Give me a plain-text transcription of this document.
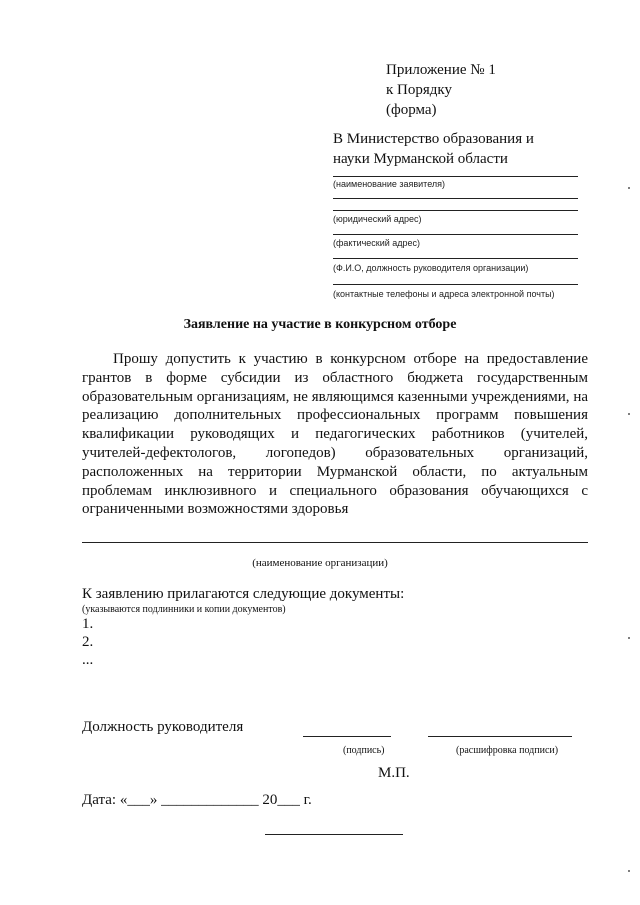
Приложение № 1
к Порядку
(форма)
В Министерство образования и
науки Мурманской области
(наименование заявителя)
(юридический адрес)
(фактический адрес)
(Ф.И.О, должность руководителя организации)
(контактные телефоны и адреса электронной почты)
Заявление на участие в конкурсном отборе
Прошу допустить к участию в конкурсном отборе на предоставление грантов в форме субсидии из областного бюджета государственным образовательным организациям, не являющимся казенными учреждениями, на реализацию дополнительных профессиональных программ повышения квалификации руководящих и педагогических работников (учителей, учителей-дефектологов, логопедов) образовательных организаций, расположенных на территории Мурманской области, по актуальным проблемам инклюзивного и специального образования обучающихся с ограниченными возможностями здоровья
(наименование организации)
К заявлению прилагаются следующие документы:
(указываются подлинники и копии документов)
1.
2.
...
Должность руководителя
(подпись)	(расшифровка подписи)
М.П.
Дата: «___» _____________ 20___ г.
